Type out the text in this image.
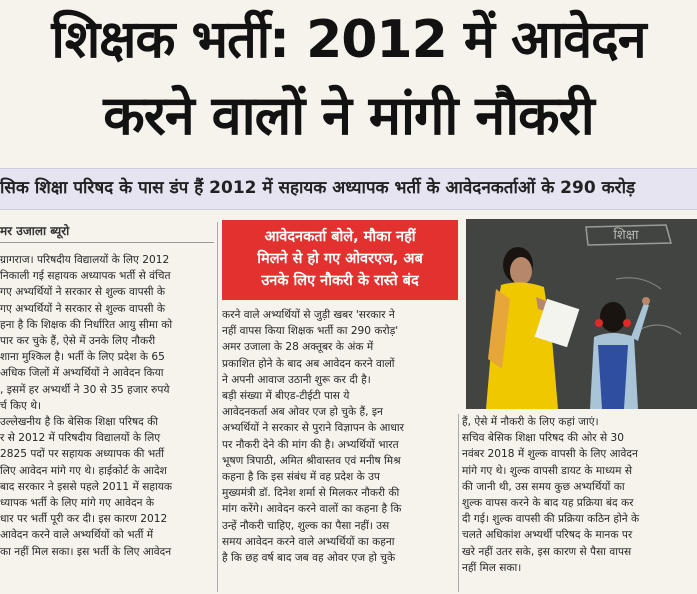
शिक्षक भर्ती: 2012 में आवेदन
करने वालों ने मांगी नौकरी
सिक शिक्षा परिषद के पास डंप हैं 2012 में सहायक अध्यापक भर्ती के आवेदनकर्ताओं के 290 करोड़
मर उजाला ब्यूरो

ग्रागराज। परिषदीय विद्यालयों के लिए 2012

निकाली गई सहायक अध्यापक भर्ती से वंचित

गए अभ्यर्थियों ने सरकार से शुल्क वापसी के

गए अभ्यर्थियों ने सरकार से शुल्क वापसी के

हना है कि शिक्षक की निर्धारित आयु सीमा को

पार कर चुके हैं, ऐसे में उनके लिए नौकरी

शाना मुश्किल है। भर्ती के लिए प्रदेश के 65

अधिक जिलों में अभ्यर्थियों ने आवेदन किया

, इसमें हर अभ्यर्थी ने 30 से 35 हजार रुपये

र्च किए थे।

उल्लेखनीय है कि बेसिक शिक्षा परिषद की

र से 2012 में परिषदीय विद्यालयों के लिए

2825 पदों पर सहायक अध्यापक की भर्ती

लिए आवेदन मांगे गए थे। हाईकोर्ट के आदेश

बाद सरकार ने इससे पहले 2011 में सहायक

ध्यापक भर्ती के लिए मांगे गए आवेदन के

धार पर भर्ती पूरी कर दी। इस कारण 2012

आवेदन करने वाले अभ्यर्थियों को भर्ती में

का नहीं मिल सका। इस भर्ती के लिए आवेदन

आवेदनकर्ता बोले, मौका नहीं
मिलने से हो गए ओवरएज, अब
उनके लिए नौकरी के रास्ते बंद

करने वाले अभ्यर्थियों से जुड़ी खबर 'सरकार ने

नहीं वापस किया शिक्षक भर्ती का 290 करोड़'

अमर उजाला के 28 अक्तूबर के अंक में

प्रकाशित होने के बाद अब आवेदन करने वालों

ने अपनी आवाज उठानी शुरू कर दी है।

बड़ी संख्या में बीएड-टीईटी पास ये

आवेदनकर्ता अब ओवर एज हो चुके हैं, इन

अभ्यर्थियों ने सरकार से पुराने विज्ञापन के आधार

पर नौकरी देने की मांग की है। अभ्यर्थियों भारत

भूषण त्रिपाठी, अमित श्रीवास्तव एवं मनीष मिश्र

कहना है कि इस संबंध में वह प्रदेश के उप

मुख्यमंत्री डॉ. दिनेश शर्मा से मिलकर नौकरी की

मांग करेंगे। आवेदन करने वालों का कहना है कि

उन्हें नौकरी चाहिए, शुल्क का पैसा नहीं। उस

समय आवेदन करने वाले अभ्यर्थियों का कहना

है कि छह वर्ष बाद जब वह ओवर एज हो चुके

शिक्षा

हैं, ऐसे में नौकरी के लिए कहां जाएं।

सचिव बेसिक शिक्षा परिषद की ओर से 30

नवंबर 2018 में शुल्क वापसी के लिए आवेदन

मांगे गए थे। शुल्क वापसी डायट के माध्यम से

की जानी थी, उस समय कुछ अभ्यर्थियों का

शुल्क वापस करने के बाद यह प्रक्रिया बंद कर

दी गई। शुल्क वापसी की प्रक्रिया कठिन होने के

चलते अधिकांश अभ्यर्थी परिषद के मानक पर

खरे नहीं उतर सके, इस कारण से पैसा वापस

नहीं मिल सका।
